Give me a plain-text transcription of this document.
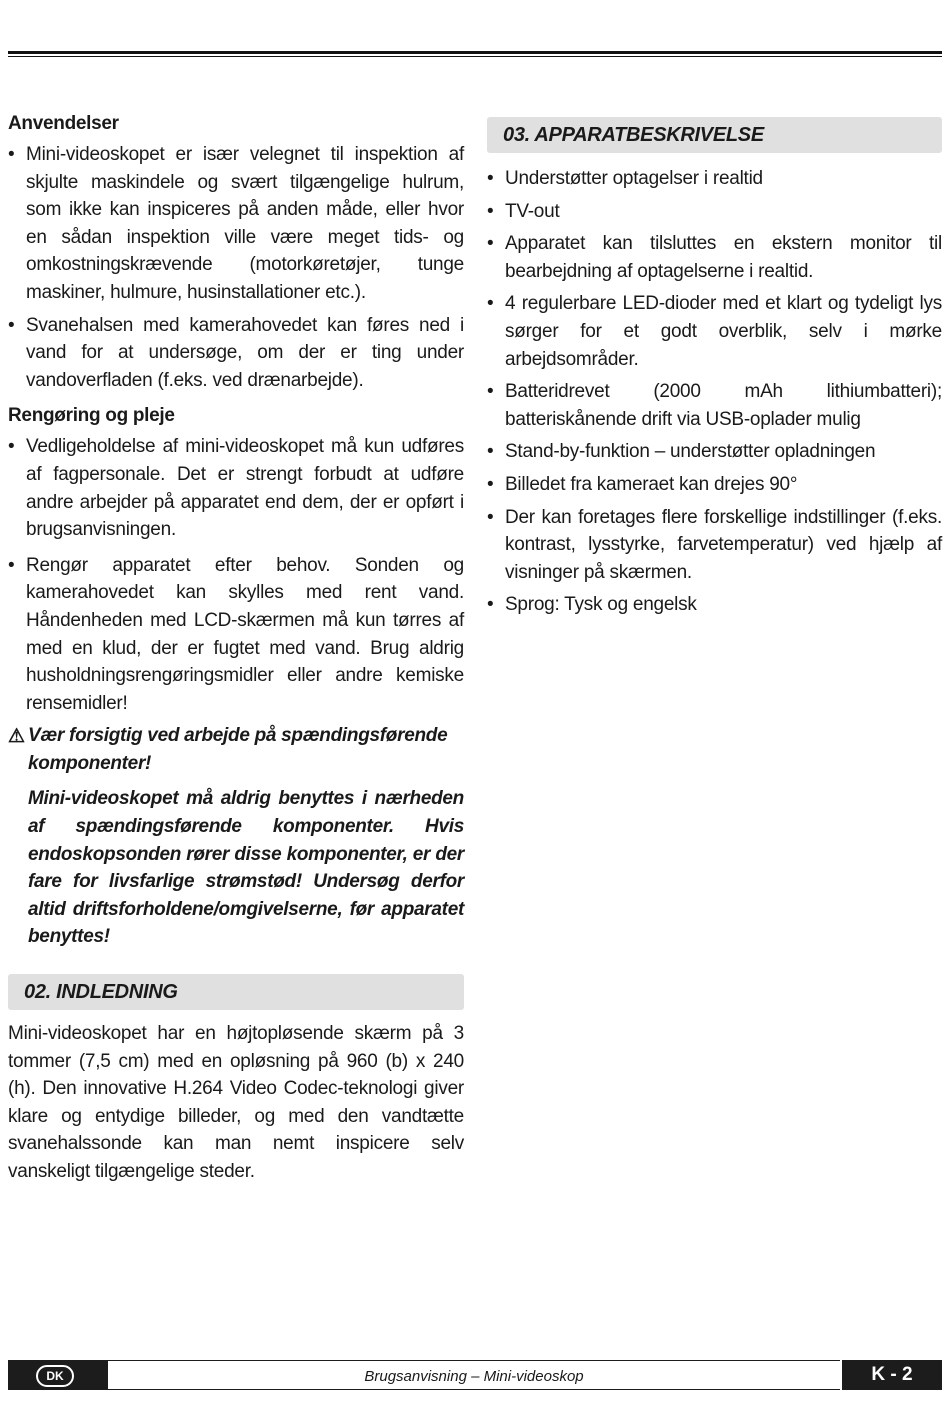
Anvendelser
• Mini-videoskopet er især velegnet til inspektion af skjulte maskindele og svært tilgængelige hulrum, som ikke kan inspiceres på anden måde, eller hvor en sådan inspektion ville være meget tids- og omkostningskrævende (motorkøretøjer, tunge maskiner, hulmure, husinstallationer etc.).
• Svanehalsen med kamerahovedet kan føres ned i vand for at undersøge, om der er ting under vandoverfladen (f.eks. ved drænarbejde).
Rengøring og pleje
• Vedligeholdelse af mini-videoskopet må kun udføres af fagpersonale. Det er strengt forbudt at udføre andre arbejder på apparatet end dem, der er opført i brugsanvisningen.
• Rengør apparatet efter behov. Sonden og kamerahovedet kan skylles med rent vand. Håndenheden med LCD-skærmen må kun tørres af med en klud, der er fugtet med vand. Brug aldrig husholdningsrengøringsmidler eller andre kemiske rensemidler!
⚠ Vær forsigtig ved arbejde på spændingsførende komponenter!
Mini-videoskopet må aldrig benyttes i nærheden af spændingsførende komponenter. Hvis endoskopsonden rører disse komponenter, er der fare for livsfarlige strømstød! Undersøg derfor altid driftsforholdene/omgivelserne, før apparatet benyttes!
02. INDLEDNING
Mini-videoskopet har en højtopløsende skærm på 3 tommer (7,5 cm) med en opløsning på 960 (b) x 240 (h). Den innovative H.264 Video Codec-teknologi giver klare og entydige billeder, og med den vandtætte svanehalssonde kan man nemt inspicere selv vanskeligt tilgængelige steder.
03. APPARATBESKRIVELSE
• Understøtter optagelser i realtid
• TV-out
• Apparatet kan tilsluttes en ekstern monitor til bearbejdning af optagelserne i realtid.
• 4 regulerbare LED-dioder med et klart og tydeligt lys sørger for et godt overblik, selv i mørke arbejdsområder.
• Batteridrevet (2000 mAh lithiumbatteri); batteriskånende drift via USB-oplader mulig
• Stand-by-funktion – understøtter opladningen
• Billedet fra kameraet kan drejes 90°
• Der kan foretages flere forskellige indstillinger (f.eks. kontrast, lysstyrke, farvetemperatur) ved hjælp af visninger på skærmen.
• Sprog: Tysk og engelsk
DK	Brugsanvisning – Mini-videoskop	K - 2
